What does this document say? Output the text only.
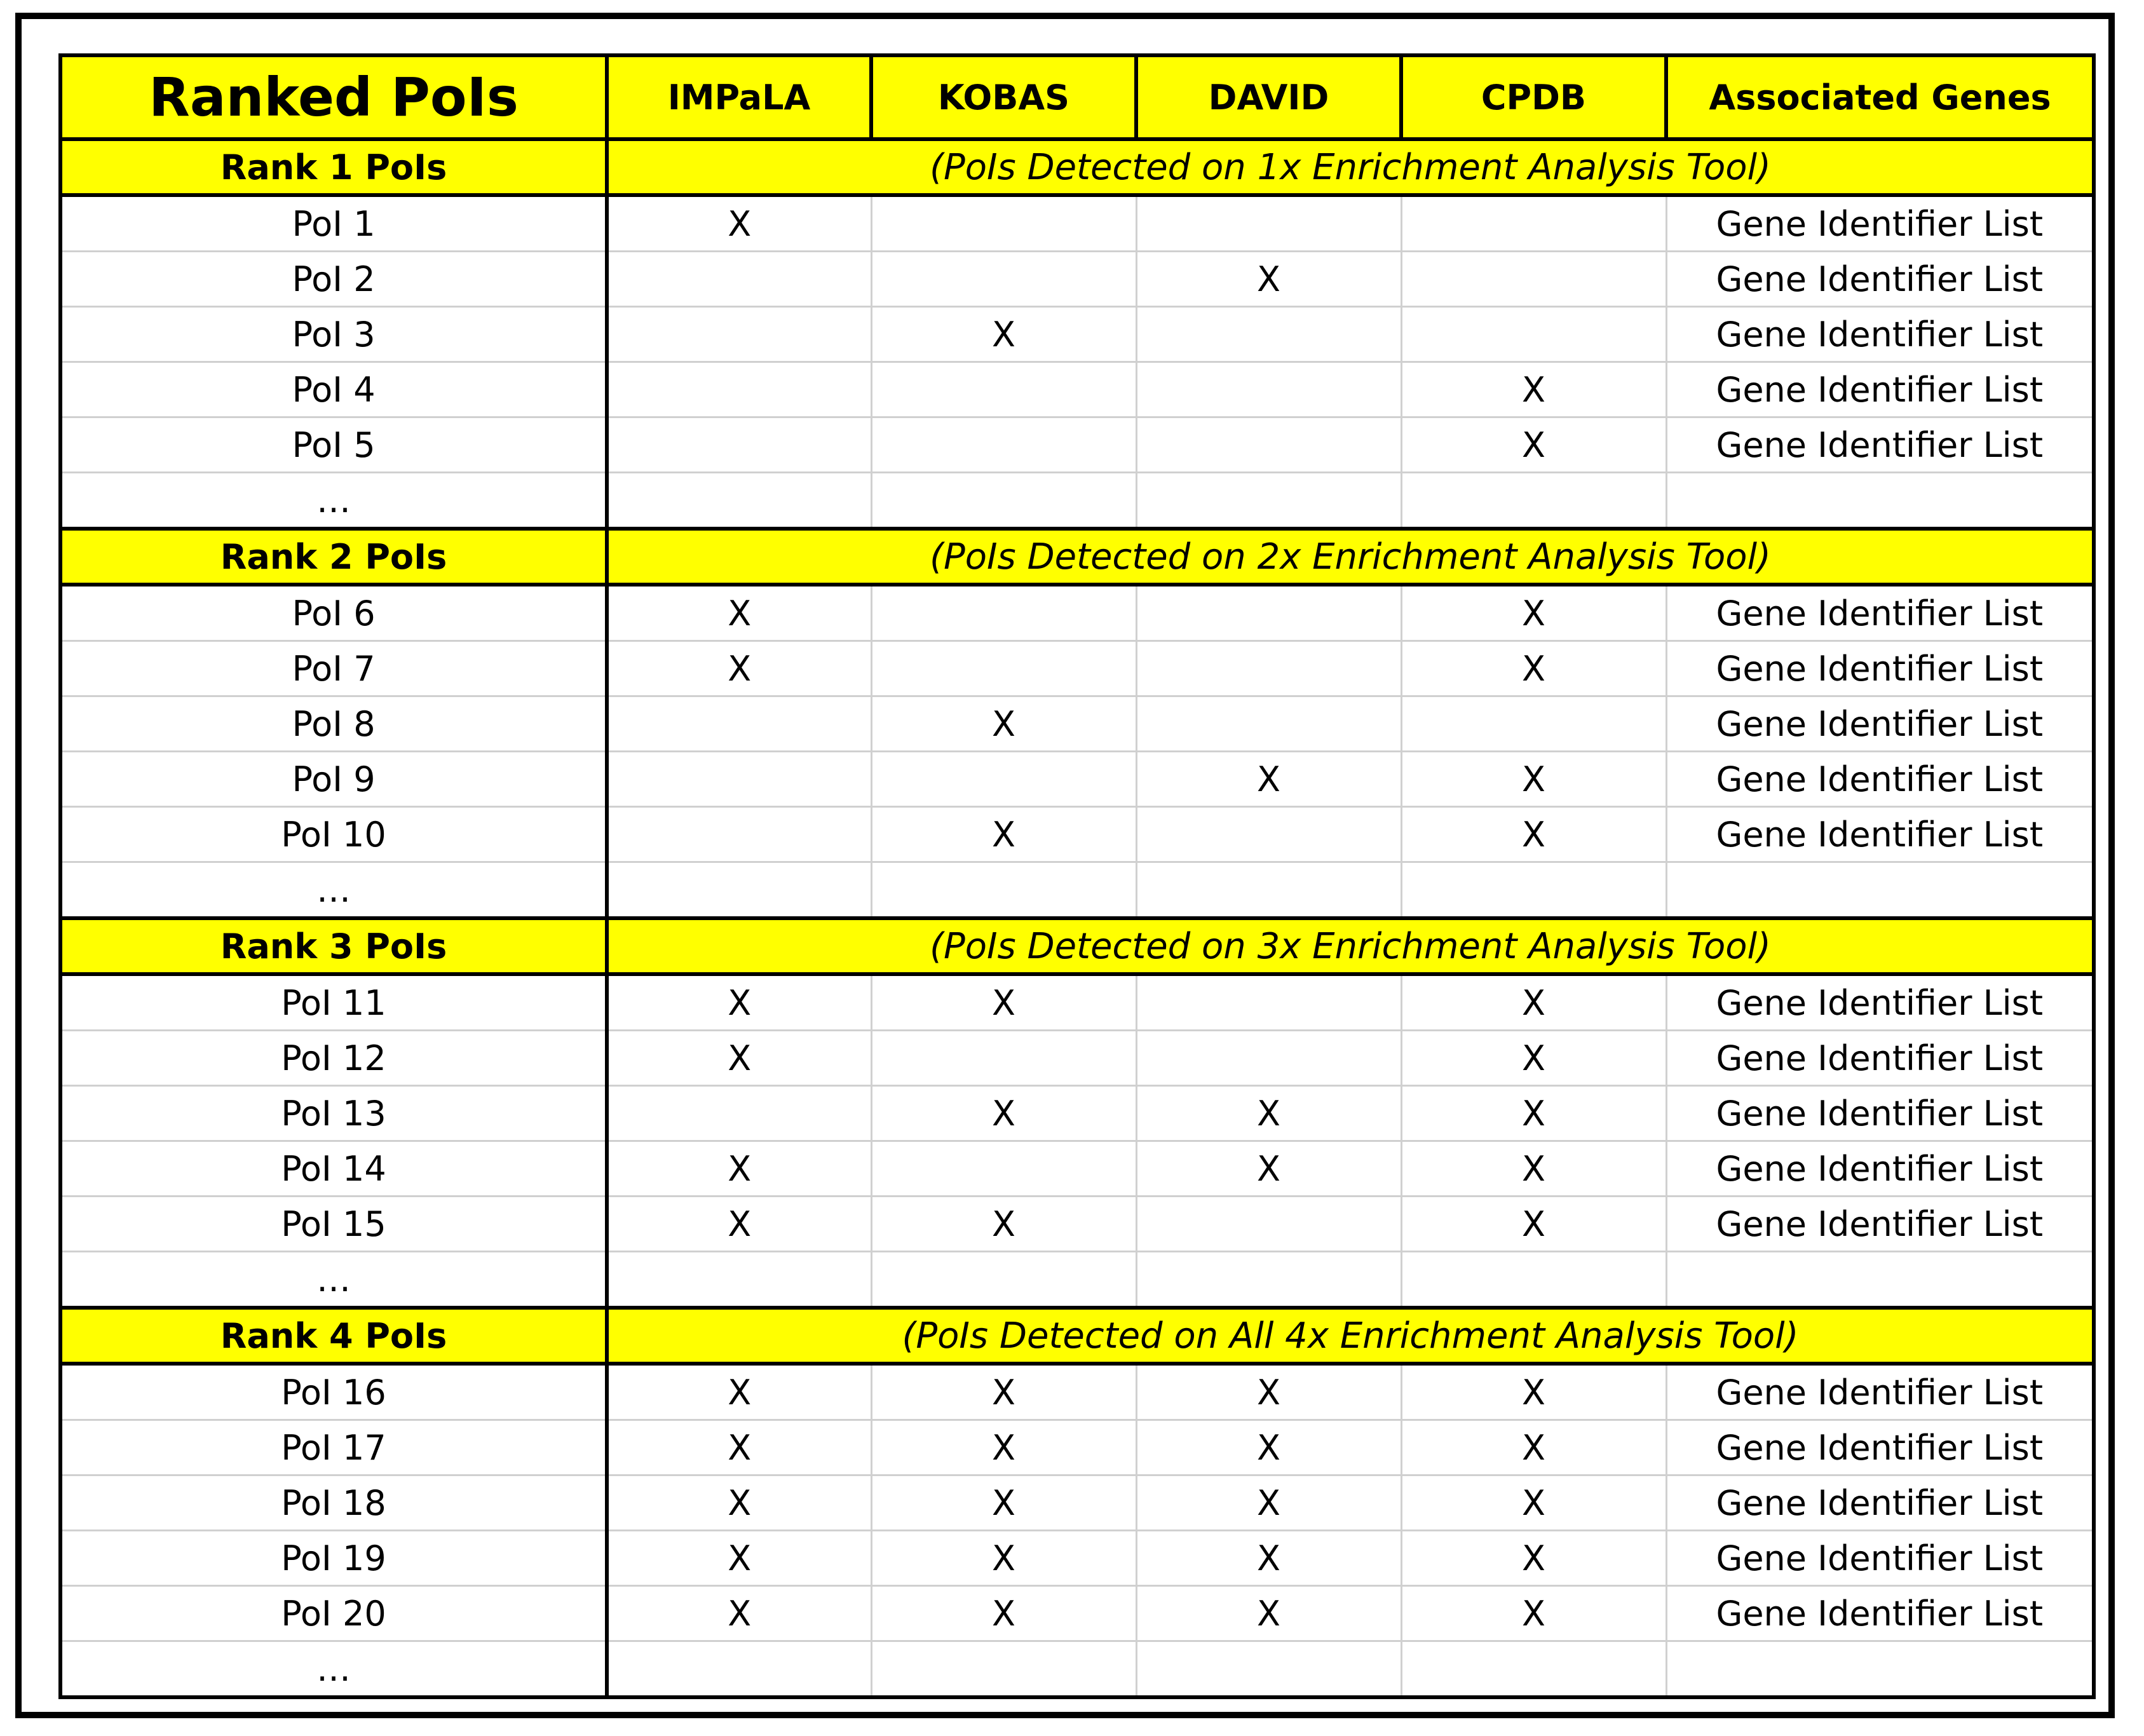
Ranked PoIs	IMPaLA	KOBAS	DAVID	CPDB	Associated Genes
Rank 1 PoIs	(PoIs Detected on 1x Enrichment Analysis Tool)				
PoI 1	X				Gene Identifier List
PoI 2			X		Gene Identifier List
PoI 3		X			Gene Identifier List
PoI 4				X	Gene Identifier List
PoI 5				X	Gene Identifier List
…					
Rank 2 PoIs	(PoIs Detected on 2x Enrichment Analysis Tool)				
PoI 6	X			X	Gene Identifier List
PoI 7	X			X	Gene Identifier List
PoI 8		X			Gene Identifier List
PoI 9			X	X	Gene Identifier List
PoI 10		X		X	Gene Identifier List
…					
Rank 3 PoIs	(PoIs Detected on 3x Enrichment Analysis Tool)				
PoI 11	X	X		X	Gene Identifier List
PoI 12	X			X	Gene Identifier List
PoI 13		X	X	X	Gene Identifier List
PoI 14	X		X	X	Gene Identifier List
PoI 15	X	X		X	Gene Identifier List
…					
Rank 4 PoIs	(PoIs Detected on All 4x Enrichment Analysis Tool)				
PoI 16	X	X	X	X	Gene Identifier List
PoI 17	X	X	X	X	Gene Identifier List
PoI 18	X	X	X	X	Gene Identifier List
PoI 19	X	X	X	X	Gene Identifier List
PoI 20	X	X	X	X	Gene Identifier List
…					
